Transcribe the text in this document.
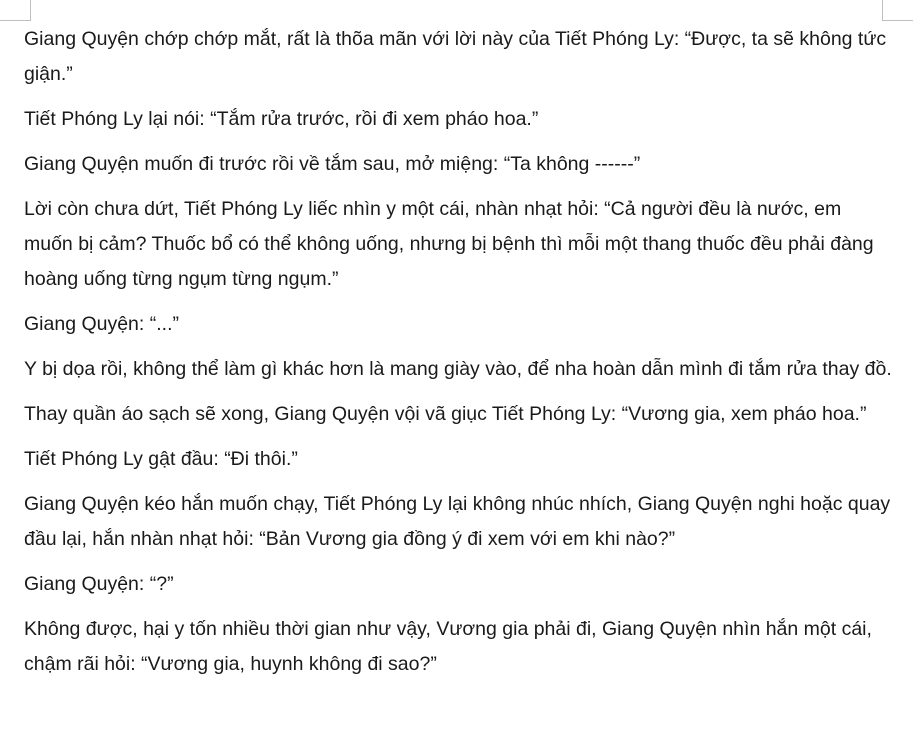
Giang Quyện chớp chớp mắt, rất là thõa mãn với lời này của Tiết Phóng Ly: “Được, ta sẽ không tức giận.”

Tiết Phóng Ly lại nói: “Tắm rửa trước, rồi đi xem pháo hoa.”

Giang Quyện muốn đi trước rồi về tắm sau, mở miệng: “Ta không ------”

Lời còn chưa dứt, Tiết Phóng Ly liếc nhìn y một cái, nhàn nhạt hỏi: “Cả người đều là nước, em muốn bị cảm? Thuốc bổ có thể không uống, nhưng bị bệnh thì mỗi một thang thuốc đều phải đàng hoàng uống từng ngụm từng ngụm.”

Giang Quyện: “...”

Y bị dọa rồi, không thể làm gì khác hơn là mang giày vào, để nha hoàn dẫn mình đi tắm rửa thay đồ.

Thay quần áo sạch sẽ xong, Giang Quyện vội vã giục Tiết Phóng Ly: “Vương gia, xem pháo hoa.”

Tiết Phóng Ly gật đầu: “Đi thôi.”

Giang Quyện kéo hắn muốn chạy, Tiết Phóng Ly lại không nhúc nhích, Giang Quyện nghi hoặc quay đầu lại, hắn nhàn nhạt hỏi: “Bản Vương gia đồng ý đi xem với em khi nào?”

Giang Quyện: “?”

Không được, hại y tốn nhiều thời gian như vậy, Vương gia phải đi, Giang Quyện nhìn hắn một cái, chậm rãi hỏi: “Vương gia, huynh không đi sao?”
